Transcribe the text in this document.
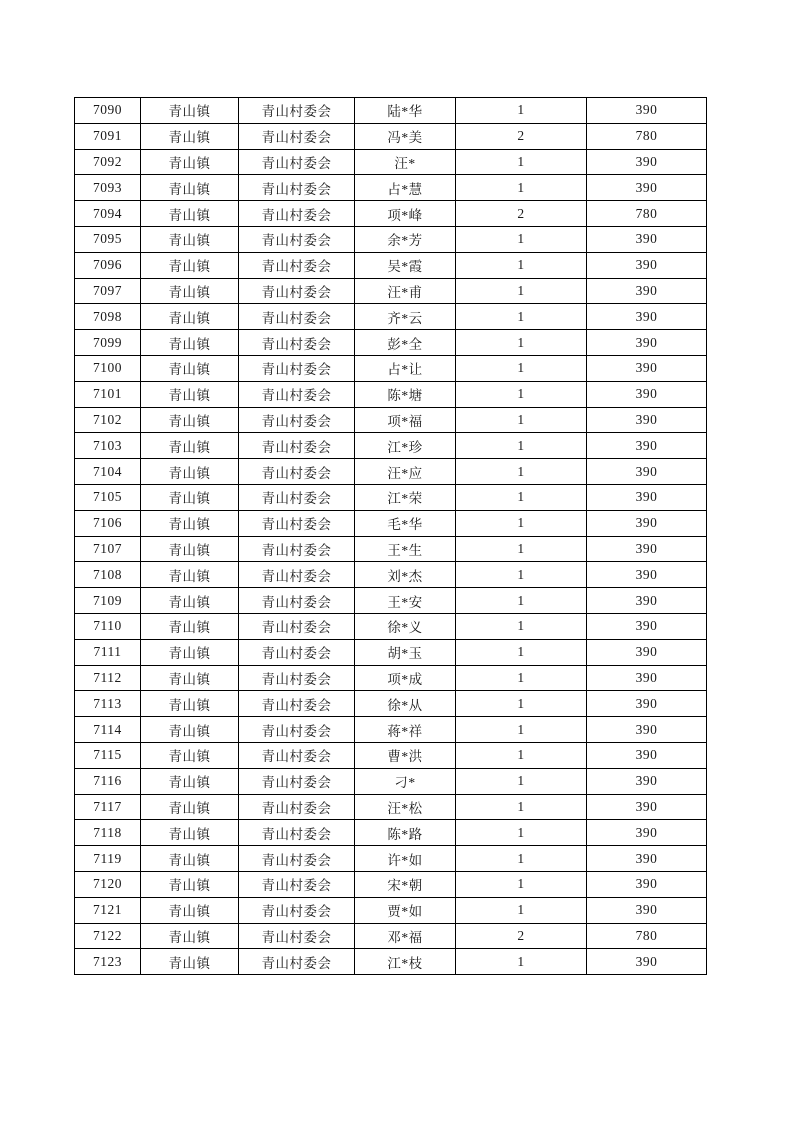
7090	青山镇	青山村委会	陆*华	1	390
7091	青山镇	青山村委会	冯*美	2	780
7092	青山镇	青山村委会	汪*	1	390
7093	青山镇	青山村委会	占*慧	1	390
7094	青山镇	青山村委会	项*峰	2	780
7095	青山镇	青山村委会	余*芳	1	390
7096	青山镇	青山村委会	吴*霞	1	390
7097	青山镇	青山村委会	汪*甫	1	390
7098	青山镇	青山村委会	齐*云	1	390
7099	青山镇	青山村委会	彭*全	1	390
7100	青山镇	青山村委会	占*让	1	390
7101	青山镇	青山村委会	陈*塘	1	390
7102	青山镇	青山村委会	项*福	1	390
7103	青山镇	青山村委会	江*珍	1	390
7104	青山镇	青山村委会	汪*应	1	390
7105	青山镇	青山村委会	江*荣	1	390
7106	青山镇	青山村委会	毛*华	1	390
7107	青山镇	青山村委会	王*生	1	390
7108	青山镇	青山村委会	刘*杰	1	390
7109	青山镇	青山村委会	王*安	1	390
7110	青山镇	青山村委会	徐*义	1	390
7111	青山镇	青山村委会	胡*玉	1	390
7112	青山镇	青山村委会	项*成	1	390
7113	青山镇	青山村委会	徐*从	1	390
7114	青山镇	青山村委会	蒋*祥	1	390
7115	青山镇	青山村委会	曹*洪	1	390
7116	青山镇	青山村委会	刁*	1	390
7117	青山镇	青山村委会	汪*松	1	390
7118	青山镇	青山村委会	陈*路	1	390
7119	青山镇	青山村委会	许*如	1	390
7120	青山镇	青山村委会	宋*朝	1	390
7121	青山镇	青山村委会	贾*如	1	390
7122	青山镇	青山村委会	邓*福	2	780
7123	青山镇	青山村委会	江*枝	1	390
